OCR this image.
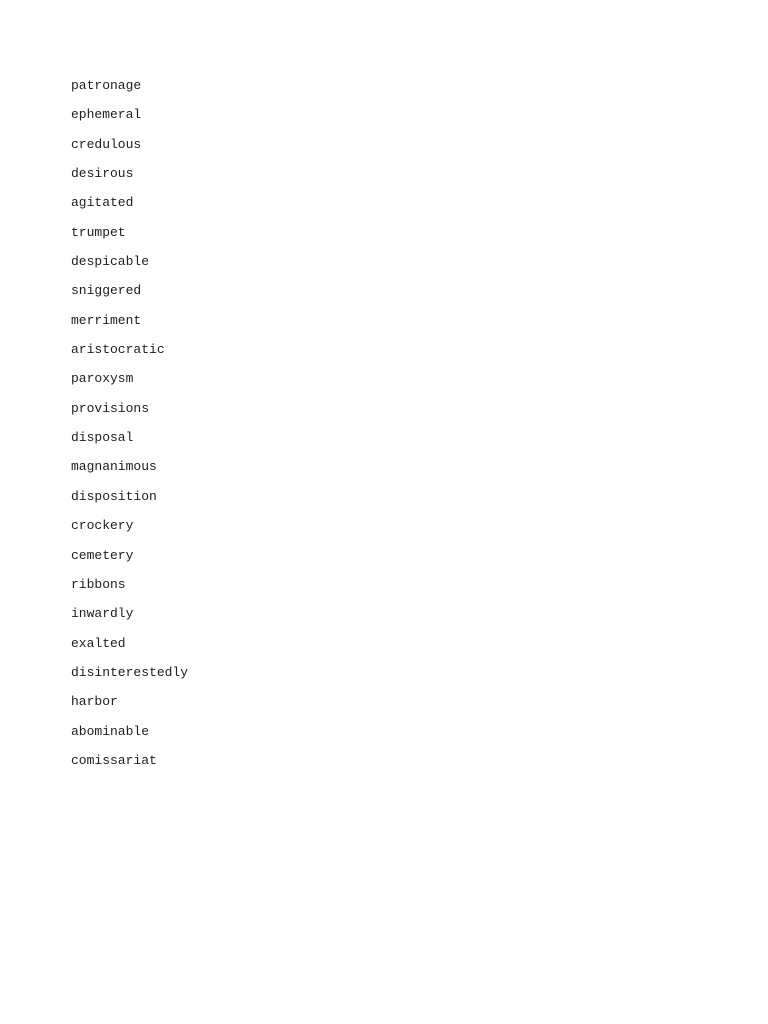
patronage
ephemeral
credulous
desirous
agitated
trumpet
despicable
sniggered
merriment
aristocratic
paroxysm
provisions
disposal
magnanimous
disposition
crockery
cemetery
ribbons
inwardly
exalted
disinterestedly
harbor
abominable
comissariat
